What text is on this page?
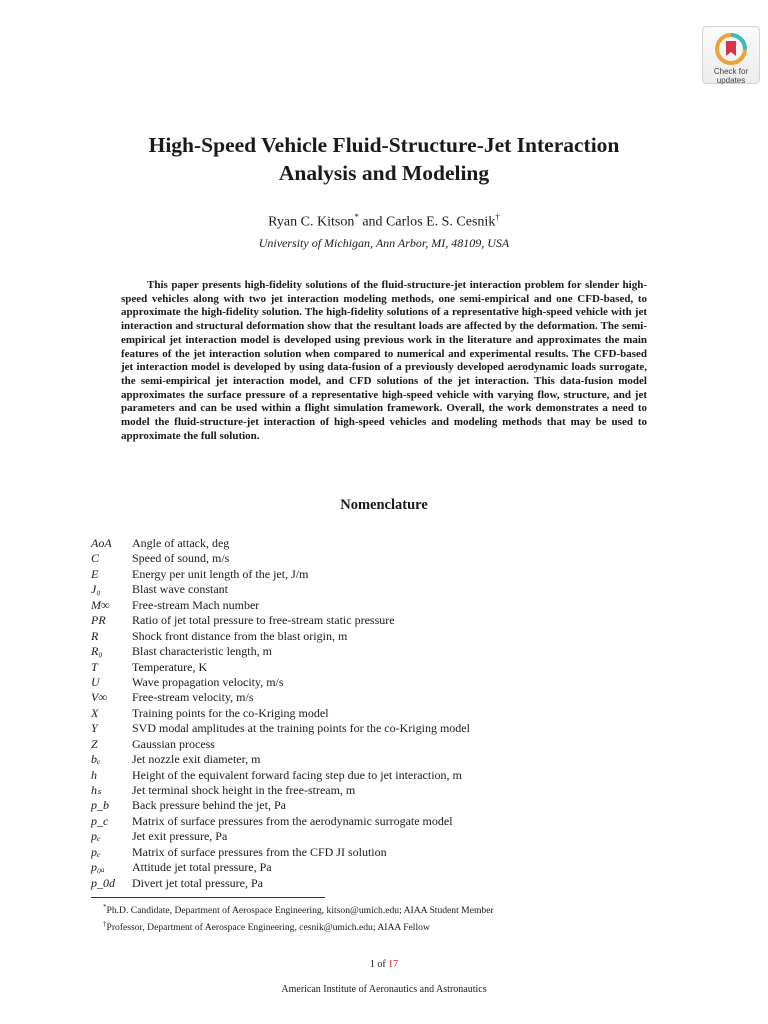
Check for
updates
High-Speed Vehicle Fluid-Structure-Jet Interaction
Analysis and Modeling
Ryan C. Kitson* and Carlos E. S. Cesnik†
University of Michigan, Ann Arbor, MI, 48109, USA

This paper presents high-fidelity solutions of the fluid-structure-jet interaction problem for slender high-speed vehicles along with two jet interaction modeling methods, one semi-empirical and one CFD-based, to approximate the high-fidelity solution. The high-fidelity solutions of a representative high-speed vehicle with jet interaction and structural deformation show that the resultant loads are affected by the deformation. The semi-empirical jet interaction model is developed using previous work in the literature and approximates the main features of the jet interaction solution when compared to numerical and experimental results. The CFD-based jet interaction model is developed by using data-fusion of a previously developed aerodynamic loads surrogate, the semi-empirical jet interaction model, and CFD solutions of the jet interaction. This data-fusion model approximates the surface pressure of a representative high-speed vehicle with varying flow, structure, and jet parameters and can be used within a flight simulation framework. Overall, the work demonstrates a need to model the fluid-structure-jet interaction of high-speed vehicles and modeling methods that may be used to approximate the full solution.

Nomenclature
AoA	Angle of attack, deg
C	Speed of sound, m/s
E	Energy per unit length of the jet, J/m
J₀	Blast wave constant
M∞	Free-stream Mach number
PR	Ratio of jet total pressure to free-stream static pressure
R	Shock front distance from the blast origin, m
R₀	Blast characteristic length, m
T	Temperature, K
U	Wave propagation velocity, m/s
V∞	Free-stream velocity, m/s
X	Training points for the co-Kriging model
Y	SVD modal amplitudes at the training points for the co-Kriging model
Z	Gaussian process
bₑ	Jet nozzle exit diameter, m
h	Height of the equivalent forward facing step due to jet interaction, m
hₛ	Jet terminal shock height in the free-stream, m
p_b	Back pressure behind the jet, Pa
p_c	Matrix of surface pressures from the aerodynamic surrogate model
pₑ	Jet exit pressure, Pa
pₑ	Matrix of surface pressures from the CFD JI solution
p₀ₐ	Attitude jet total pressure, Pa
p_0d	Divert jet total pressure, Pa
*Ph.D. Candidate, Department of Aerospace Engineering, kitson@umich.edu; AIAA Student Member
†Professor, Department of Aerospace Engineering, cesnik@umich.edu; AIAA Fellow
1 of 17
American Institute of Aeronautics and Astronautics
